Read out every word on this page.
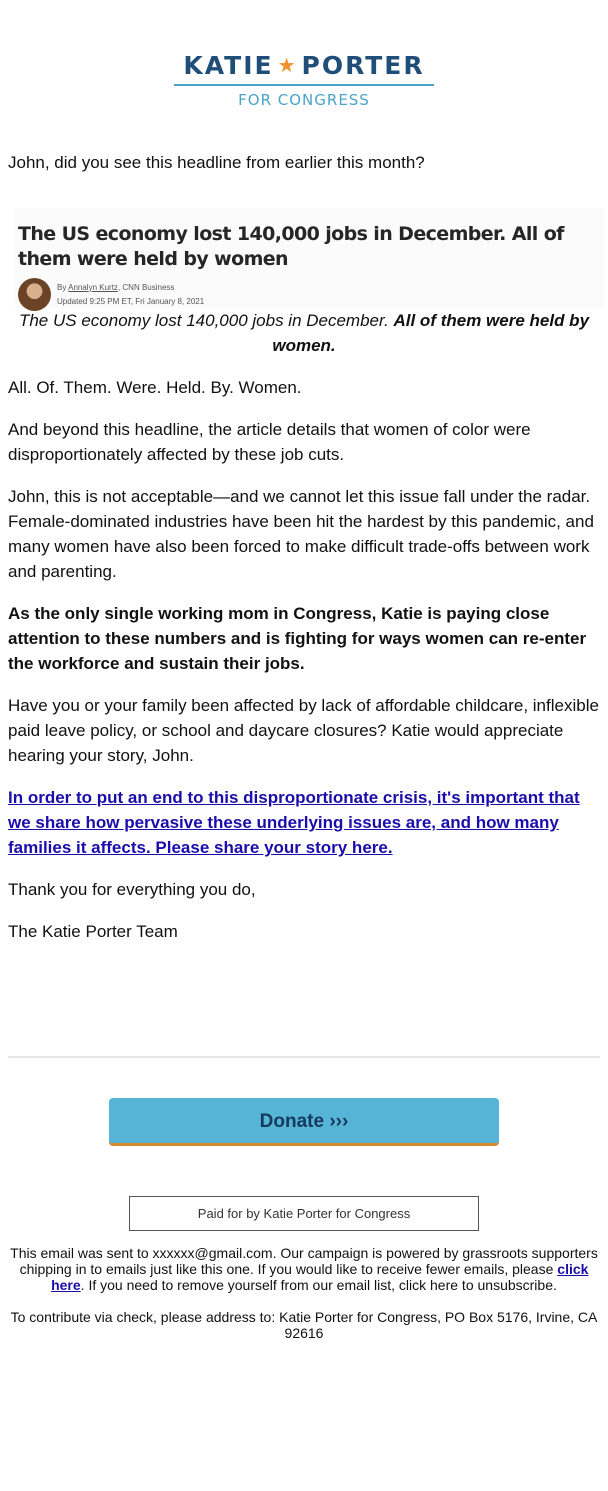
KATIE ★ PORTER
FOR CONGRESS

John, did you see this headline from earlier this month?

The US economy lost 140,000 jobs in December. All of them were held by women
By Annalyn Kurtz, CNN Business
Updated 9:25 PM ET, Fri January 8, 2021

The US economy lost 140,000 jobs in December. All of them were held by women.

All. Of. Them. Were. Held. By. Women.

And beyond this headline, the article details that women of color were disproportionately affected by these job cuts.

John, this is not acceptable—and we cannot let this issue fall under the radar. Female-dominated industries have been hit the hardest by this pandemic, and many women have also been forced to make difficult trade-offs between work and parenting.

As the only single working mom in Congress, Katie is paying close attention to these numbers and is fighting for ways women can re-enter the workforce and sustain their jobs.

Have you or your family been affected by lack of affordable childcare, inflexible paid leave policy, or school and daycare closures? Katie would appreciate hearing your story, John.

In order to put an end to this disproportionate crisis, it's important that we share how pervasive these underlying issues are, and how many families it affects. Please share your story here.

Thank you for everything you do,

The Katie Porter Team

Donate ›››
Paid for by Katie Porter for Congress

This email was sent to xxxxxx@gmail.com. Our campaign is powered by grassroots supporters chipping in to emails just like this one. If you would like to receive fewer emails, please click here. If you need to remove yourself from our email list, click here to unsubscribe.

To contribute via check, please address to: Katie Porter for Congress, PO Box 5176, Irvine, CA 92616
